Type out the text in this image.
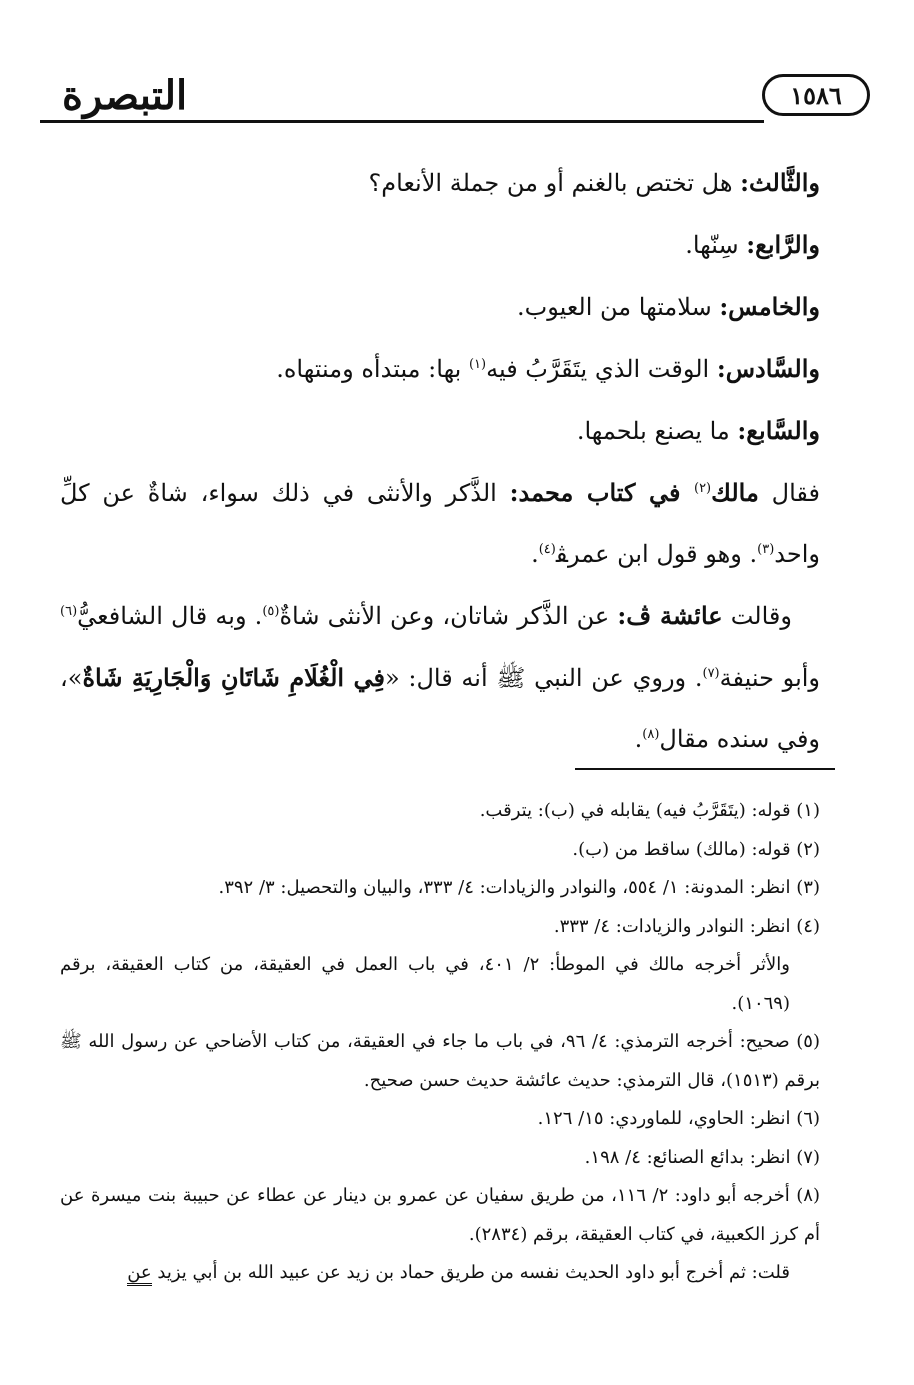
التبصرة	١٥٨٦

والثَّالث: هل تختص بالغنم أو من جملة الأنعام؟

والرَّابع: سِنّها.

والخامس: سلامتها من العيوب.

والسَّادس: الوقت الذي يتَقَرَّبُ فيه$^{(١)}$ بها: مبتدأه ومنتهاه.

والسَّابع: ما يصنع بلحمها.

فقال مالك$^{(٢)}$ في كتاب محمد: الذَّكر والأنثى في ذلك سواء، شاةٌ عن كلِّ واحد$^{(٣)}$. وهو قول ابن عمرﭭ$^{(٤)}$.

وقالت عائشة ﭪ: عن الذَّكر شاتان، وعن الأنثى شاةٌ$^{(٥)}$. وبه قال الشافعيُّ$^{(٦)}$ وأبو حنيفة$^{(٧)}$. وروي عن النبي ﷺ أنه قال: «فِي الْغُلَامِ شَاتَانِ وَالْجَارِيَةِ شَاةٌ»، وفي سنده مقال$^{(٨)}$.

(١) قوله: (يتَقَرَّبُ فيه) يقابله في (ب): يترقب.

(٢) قوله: (مالك) ساقط من (ب).

(٣) انظر: المدونة: ١/ ٥٥٤، والنوادر والزيادات: ٤/ ٣٣٣، والبيان والتحصيل: ٣/ ٣٩٢.

(٤) انظر: النوادر والزيادات: ٤/ ٣٣٣.

والأثر أخرجه مالك في الموطأ: ٢/ ٤٠١، في باب العمل في العقيقة، من كتاب العقيقة، برقم (١٠٦٩).

(٥) صحيح: أخرجه الترمذي: ٤/ ٩٦، في باب ما جاء في العقيقة، من كتاب الأضاحي عن رسول الله ﷺ برقم (١٥١٣)، قال الترمذي: حديث عائشة حديث حسن صحيح.

(٦) انظر: الحاوي، للماوردي: ١٥/ ١٢٦.

(٧) انظر: بدائع الصنائع: ٤/ ١٩٨.

(٨) أخرجه أبو داود: ٢/ ١١٦، من طريق سفيان عن عمرو بن دينار عن عطاء عن حبيبة بنت ميسرة عن أم كرز الكعبية، في كتاب العقيقة، برقم (٢٨٣٤).

قلت: ثم أخرج أبو داود الحديث نفسه من طريق حماد بن زيد عن عبيد الله بن أبي يزيد عن
